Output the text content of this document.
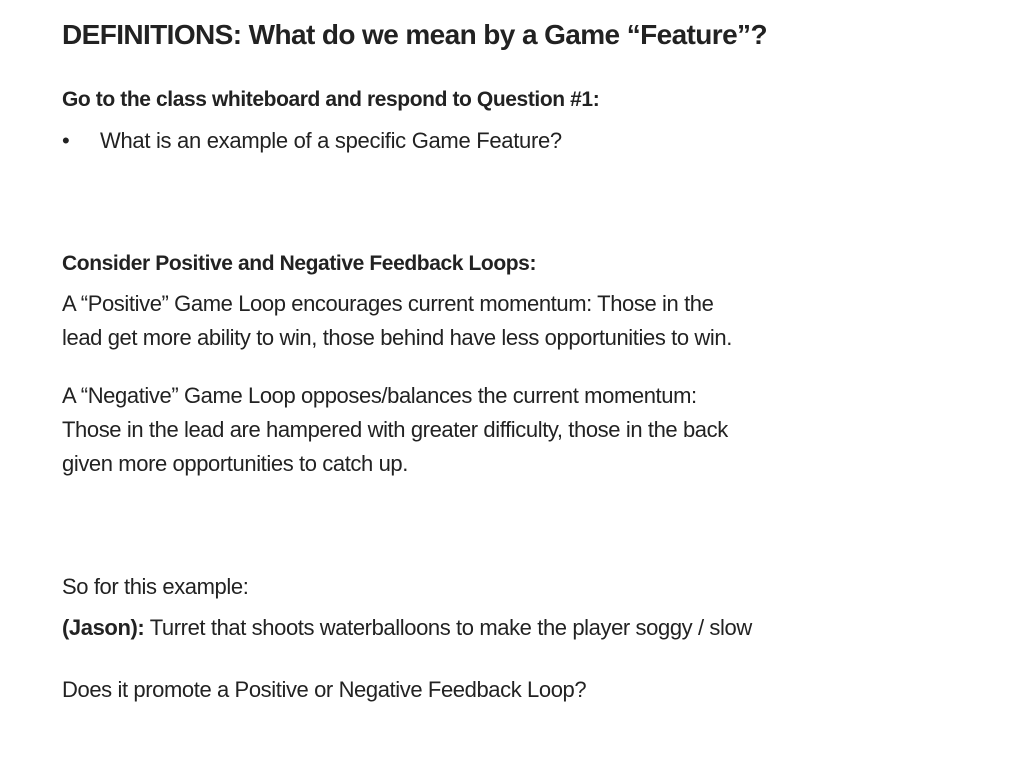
DEFINITIONS: What do we mean by a Game “Feature”?
Go to the class whiteboard and respond to Question #1:
• What is an example of a specific Game Feature?
Consider Positive and Negative Feedback Loops:

A “Positive” Game Loop encourages current momentum: Those in the
lead get more ability to win, those behind have less opportunities to win.

A “Negative” Game Loop opposes/balances the current momentum:
Those in the lead are hampered with greater difficulty, those in the back
given more opportunities to catch up.

So for this example:

(Jason): Turret that shoots waterballoons to make the player soggy / slow

Does it promote a Positive or Negative Feedback Loop?
